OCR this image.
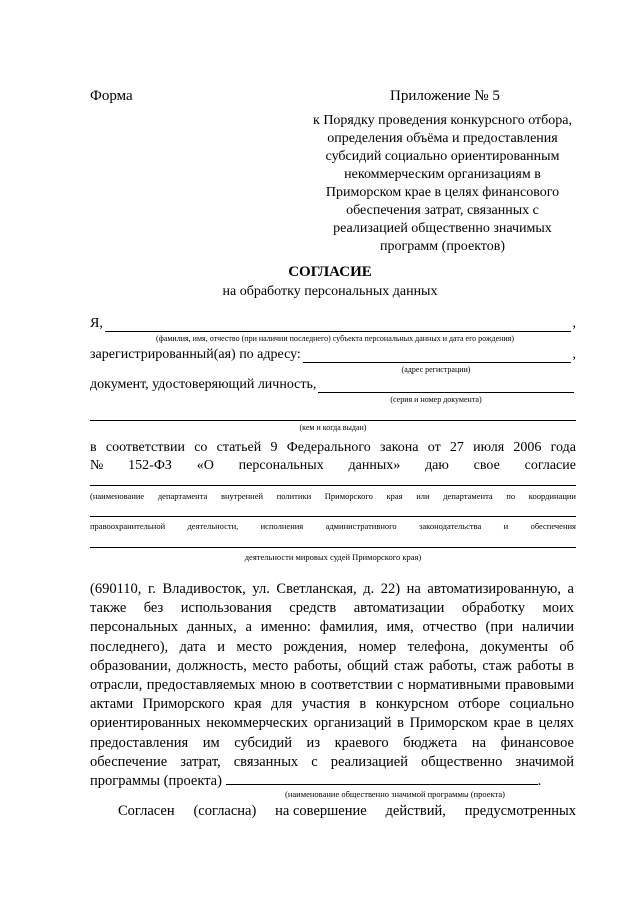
Форма	Приложение № 5
к Порядку проведения конкурсного отбора, определения объёма и предоставления субсидий социально ориентированным некоммерческим организациям в Приморском крае в целях финансового обеспечения затрат, связанных с реализацией общественно значимых программ (проектов)
СОГЛАСИЕ
на обработку персональных данных
Я,	,
(фамилия, имя, отчество (при наличии последнего) субъекта персональных данных и дата его рождения)
зарегистрированный(ая) по адресу:	,
(адрес регистрации)
документ, удостоверяющий личность,
(серия и номер документа)
(кем и когда выдан)
в соответствии со статьей 9 Федерального закона от 27 июля 2006 года
№ 152-ФЗ «О персональных данных» даю свое согласие
(наименование департамента внутренней политики Приморского края или департамента по координации
правоохранительной	деятельности,	исполнения	административного	законодательства	и	обеспечения
деятельности мировых судей Приморского края)
(690110, г. Владивосток, ул. Светланская, д. 22) на автоматизированную, а также без использования средств автоматизации обработку моих персональных данных, а именно: фамилия, имя, отчество (при наличии последнего), дата и место рождения, номер телефона, документы об образовании, должность, место работы, общий стаж работы, стаж работы в отрасли, предоставляемых мною в соответствии с нормативными правовыми актами Приморского края для участия в конкурсном отборе социально ориентированных некоммерческих организаций в Приморском крае в целях предоставления им субсидий из краевого бюджета на финансовое обеспечение затрат, связанных с реализацией общественно значимой программы (проекта)	.
(наименование общественно значимой программы (проекта)
Согласен (согласна) на совершение действий, предусмотренных
